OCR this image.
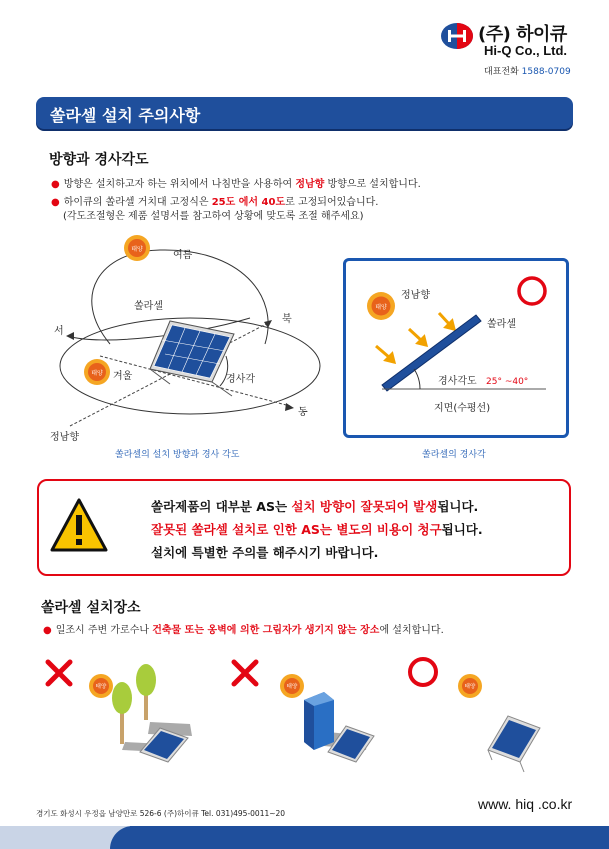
(주) 하이큐
Hi-Q Co., Ltd.
대표전화 1588-0709
쏠라셀 설치 주의사항
방향과 경사각도
● 방향은 설치하고자 하는 위치에서 나침반을 사용하여 정남향 방향으로 설치합니다.
● 하이큐의 쏠라셀 거치대 고정식은 25도 에서 40도로 고정되어있습니다.
(각도조절형은 제품 설명서를 참고하여 상황에 맞도록 조절 해주세요)
태양
태양
여름
겨울
쏠라셀
서
북
동
정남향
경사각
쏠라셀의 설치 방향과 경사 각도
태양
정남향
쏠라셀
경사각도 25° ~40°
지면(수평선)
쏠라셀의 경사각
쏠라제품의 대부분 AS는 설치 방향이 잘못되어 발생됩니다.
잘못된 쏠라셀 설치로 인한 AS는 별도의 비용이 청구됩니다.
설치에 특별한 주의를 해주시기 바랍니다.
쏠라셀 설치장소
● 일조시 주변 가로수나 건축물 또는 옹벽에 의한 그림자가 생기지 않는 장소에 설치합니다.
태양	태양	태양
경기도 화성시 우정읍 남양만로 526-6 (주)하이큐 Tel. 031)495-0011~20
www. hiq .co.kr
